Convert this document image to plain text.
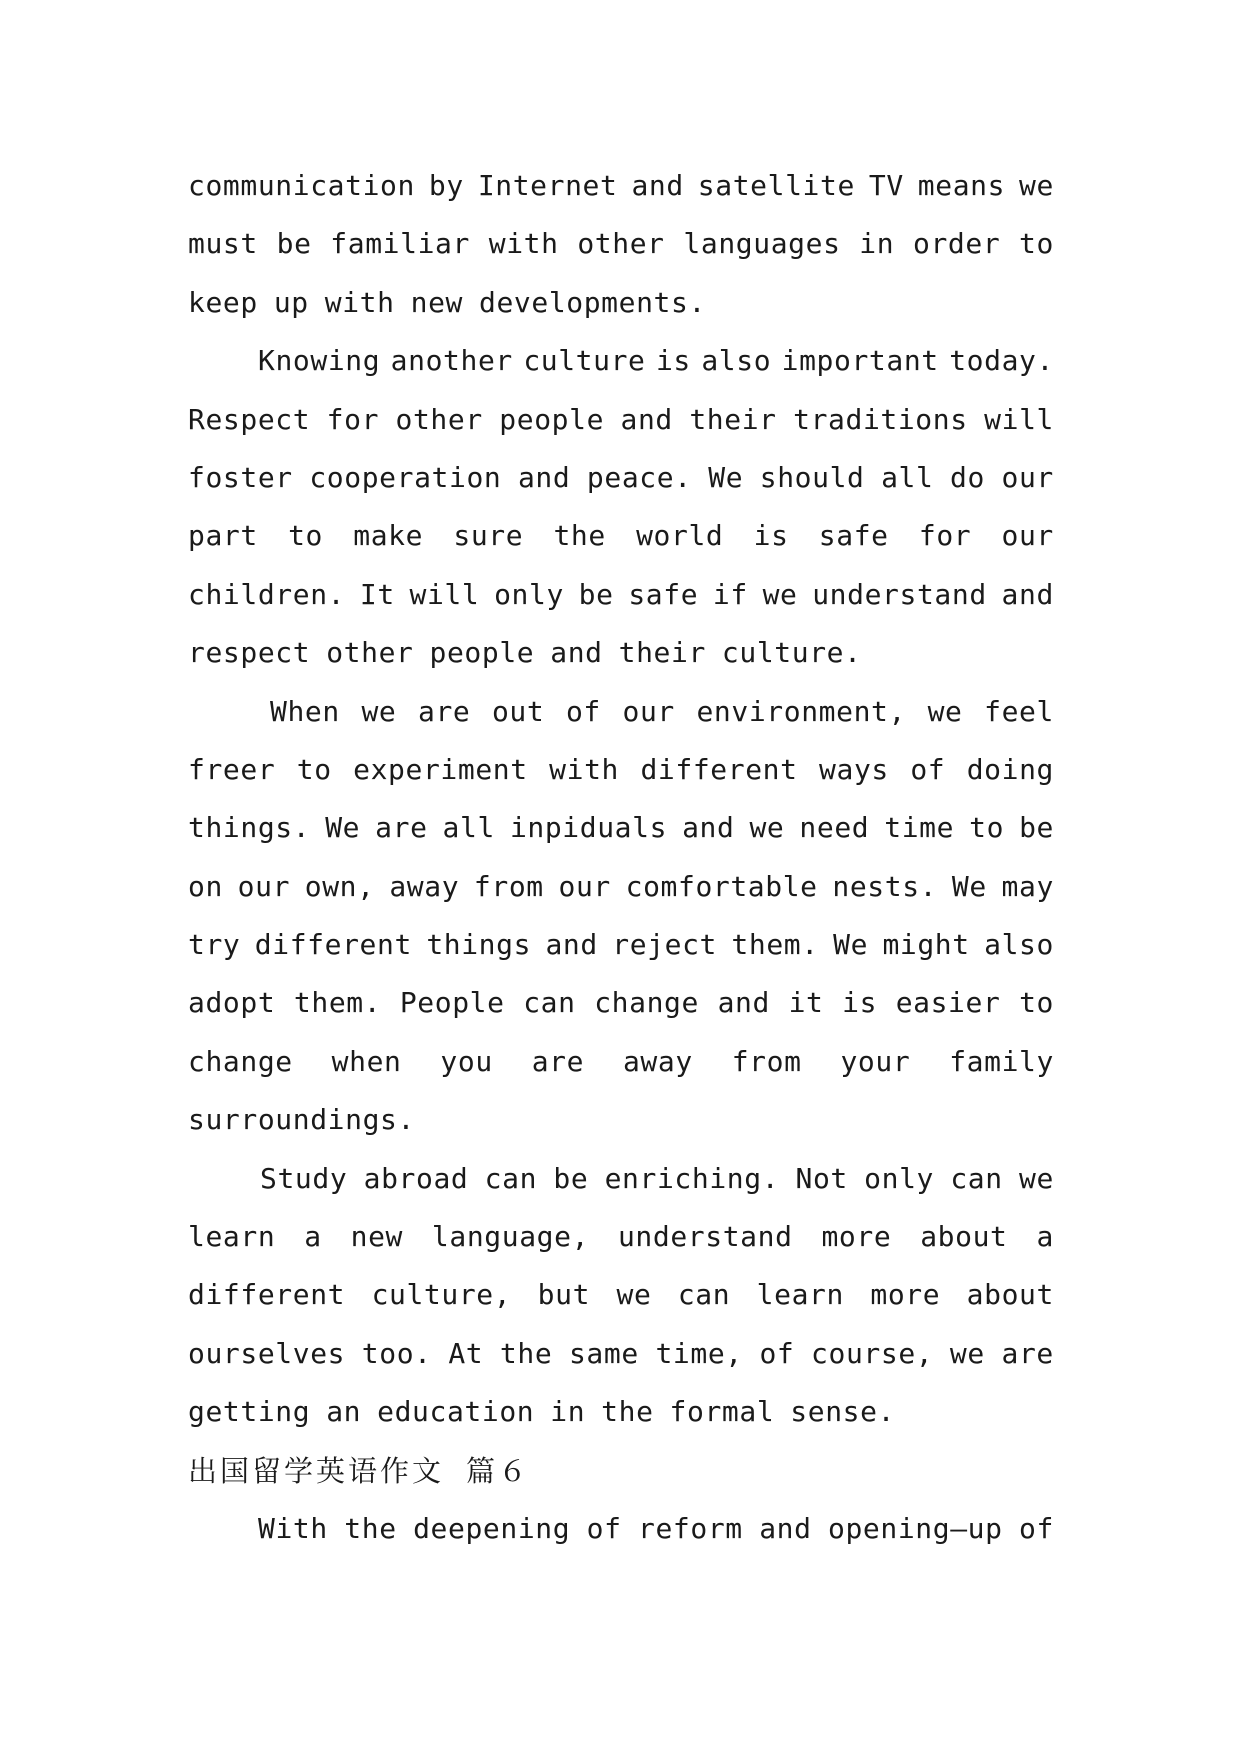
communication by Internet and satellite TV means we
must be familiar with other languages in order to
keep up with new developments.
Knowing another culture is also important today.
Respect for other people and their traditions will
foster cooperation and peace. We should all do our
part to make sure the world is safe for our
children. It will only be safe if we understand and
respect other people and their culture.
When we are out of our environment, we feel
freer to experiment with different ways of doing
things. We are all inpiduals and we need time to be
on our own, away from our comfortable nests. We may
try different things and reject them. We might also
adopt them. People can change and it is easier to
change when you are away from your family
surroundings.
Study abroad can be enriching. Not only can we
learn a new language, understand more about a
different culture, but we can learn more about
ourselves too. At the same time, of course, we are
getting an education in the formal sense.
出国留学英语作文 篇６
With the deepening of reform and opening—up of
